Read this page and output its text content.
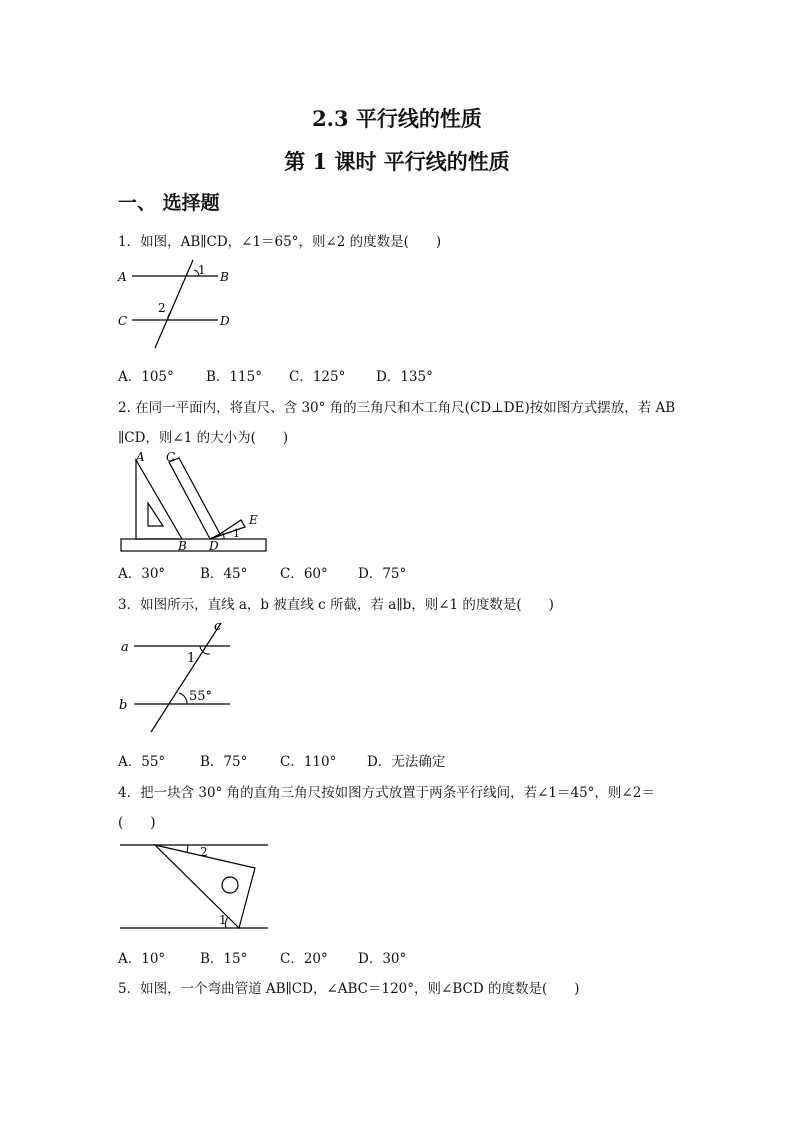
2.3 平行线的性质
第 1 课时 平行线的性质
一、 选择题
1．如图，AB∥CD，∠1＝65°，则∠2 的度数是(　　)
A	B
C	D
1
2
A．105° B．115° C．125° D．135°
2. 在同一平面内，将直尺、含 30° 角的三角尺和木工角尺(CD⊥DE)按如图方式摆放，若 AB
∥CD，则∠1 的大小为(　　)
A C
B D
E
1
A．30°	B．45° C．60° D．75°
3．如图所示，直线 a，b 被直线 c 所截，若 a∥b，则∠1 的度数是(　　)
a
b
c
1
55°
A．55°	B．75° C．110° D．无法确定
4．把一块含 30° 角的直角三角尺按如图方式放置于两条平行线间，若∠1＝45°，则∠2＝
(　　)
2
1
A．10°	B．15° C．20° D．30°
5．如图，一个弯曲管道 AB∥CD，∠ABC＝120°，则∠BCD 的度数是(　　)
